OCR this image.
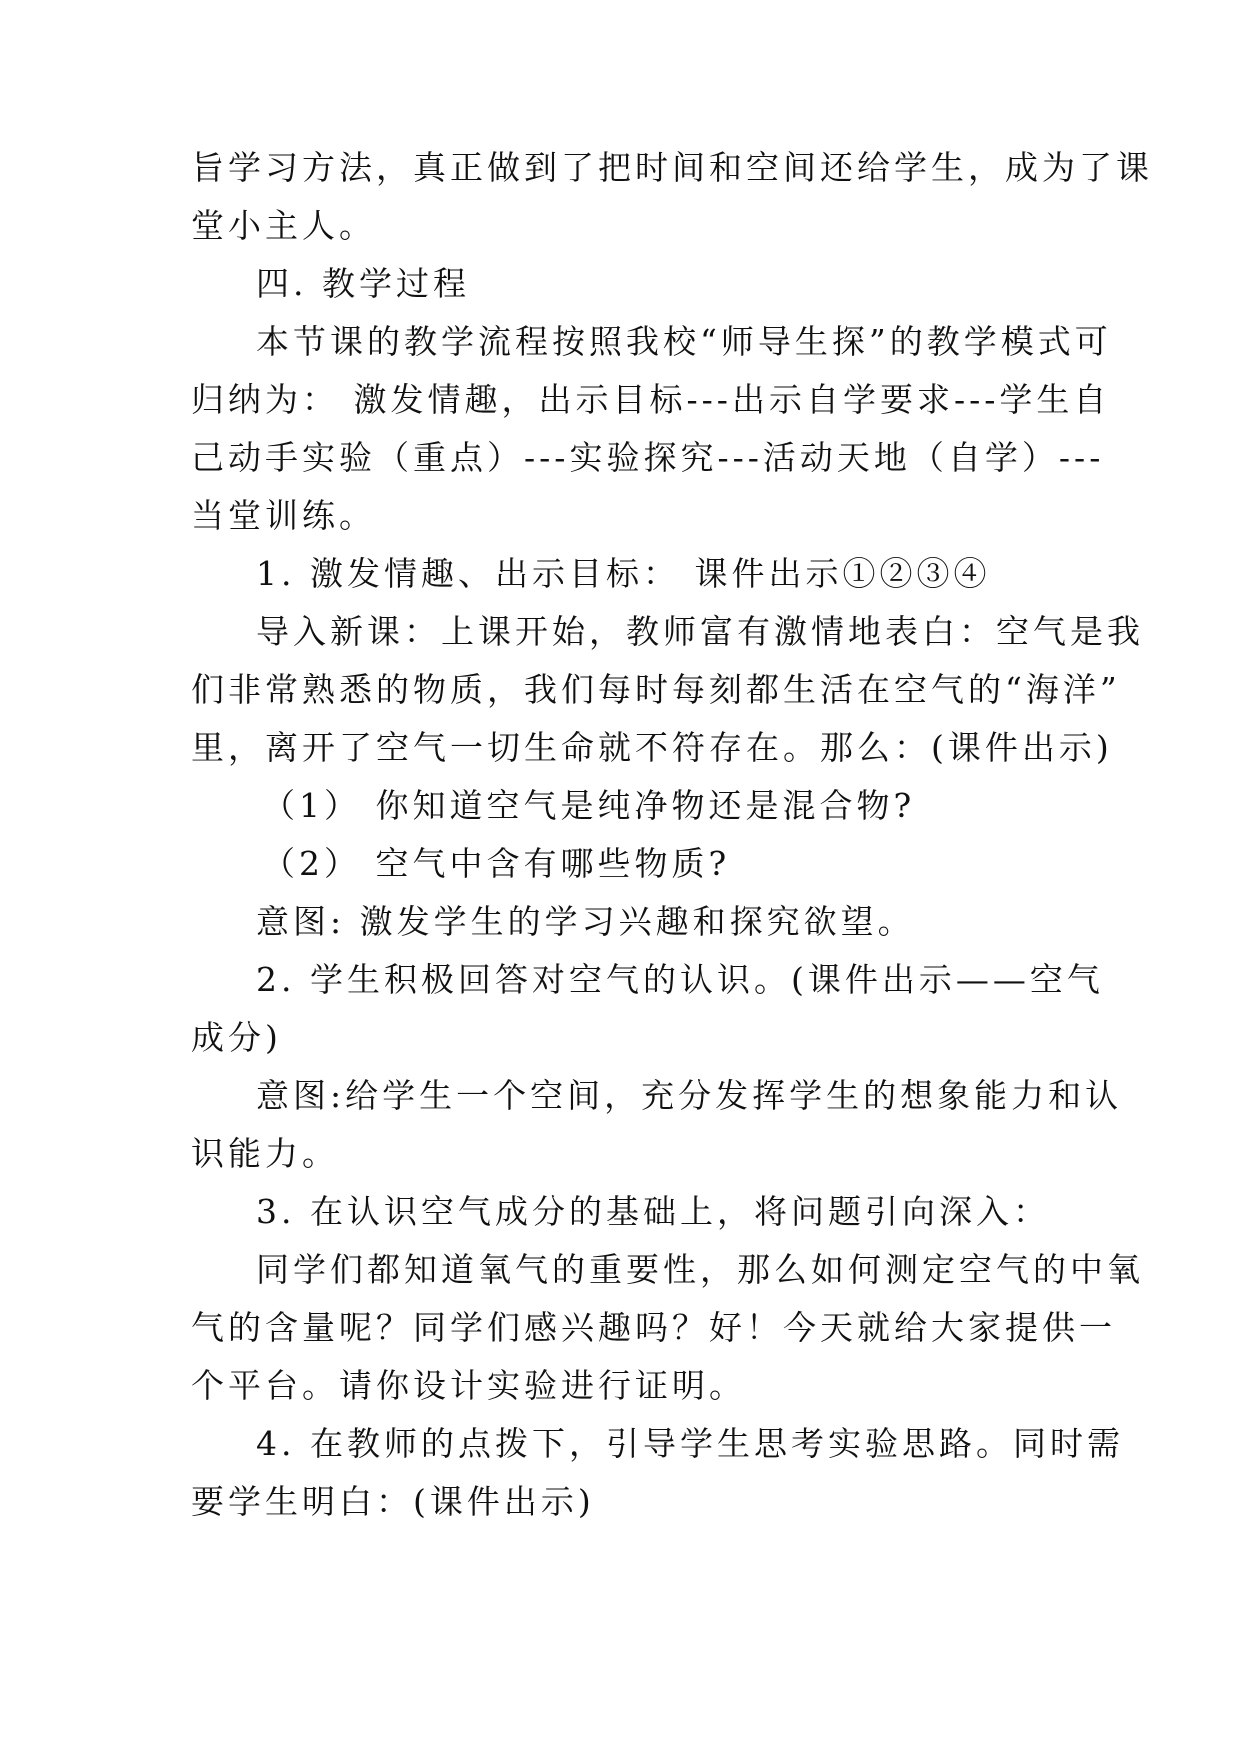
旨学习方法，真正做到了把时间和空间还给学生，成为了课
堂小主人。
四. 教学过程
本节课的教学流程按照我校“师导生探”的教学模式可
归纳为： 激发情趣，出示目标---出示自学要求---学生自
己动手实验（重点）---实验探究---活动天地（自学）---
当堂训练。
1. 激发情趣、出示目标： 课件出示①②③④
导入新课：上课开始，教师富有激情地表白：空气是我
们非常熟悉的物质，我们每时每刻都生活在空气的“海洋”
里，离开了空气一切生命就不符存在。那么：(课件出示)
（1） 你知道空气是纯净物还是混合物?
（2） 空气中含有哪些物质?
意图: 激发学生的学习兴趣和探究欲望。
2. 学生积极回答对空气的认识。(课件出示——空气
成分)
意图:给学生一个空间，充分发挥学生的想象能力和认
识能力。
3. 在认识空气成分的基础上，将问题引向深入：
同学们都知道氧气的重要性，那么如何测定空气的中氧
气的含量呢？同学们感兴趣吗？好！今天就给大家提供一
个平台。请你设计实验进行证明。
4. 在教师的点拨下，引导学生思考实验思路。同时需
要学生明白：(课件出示)
